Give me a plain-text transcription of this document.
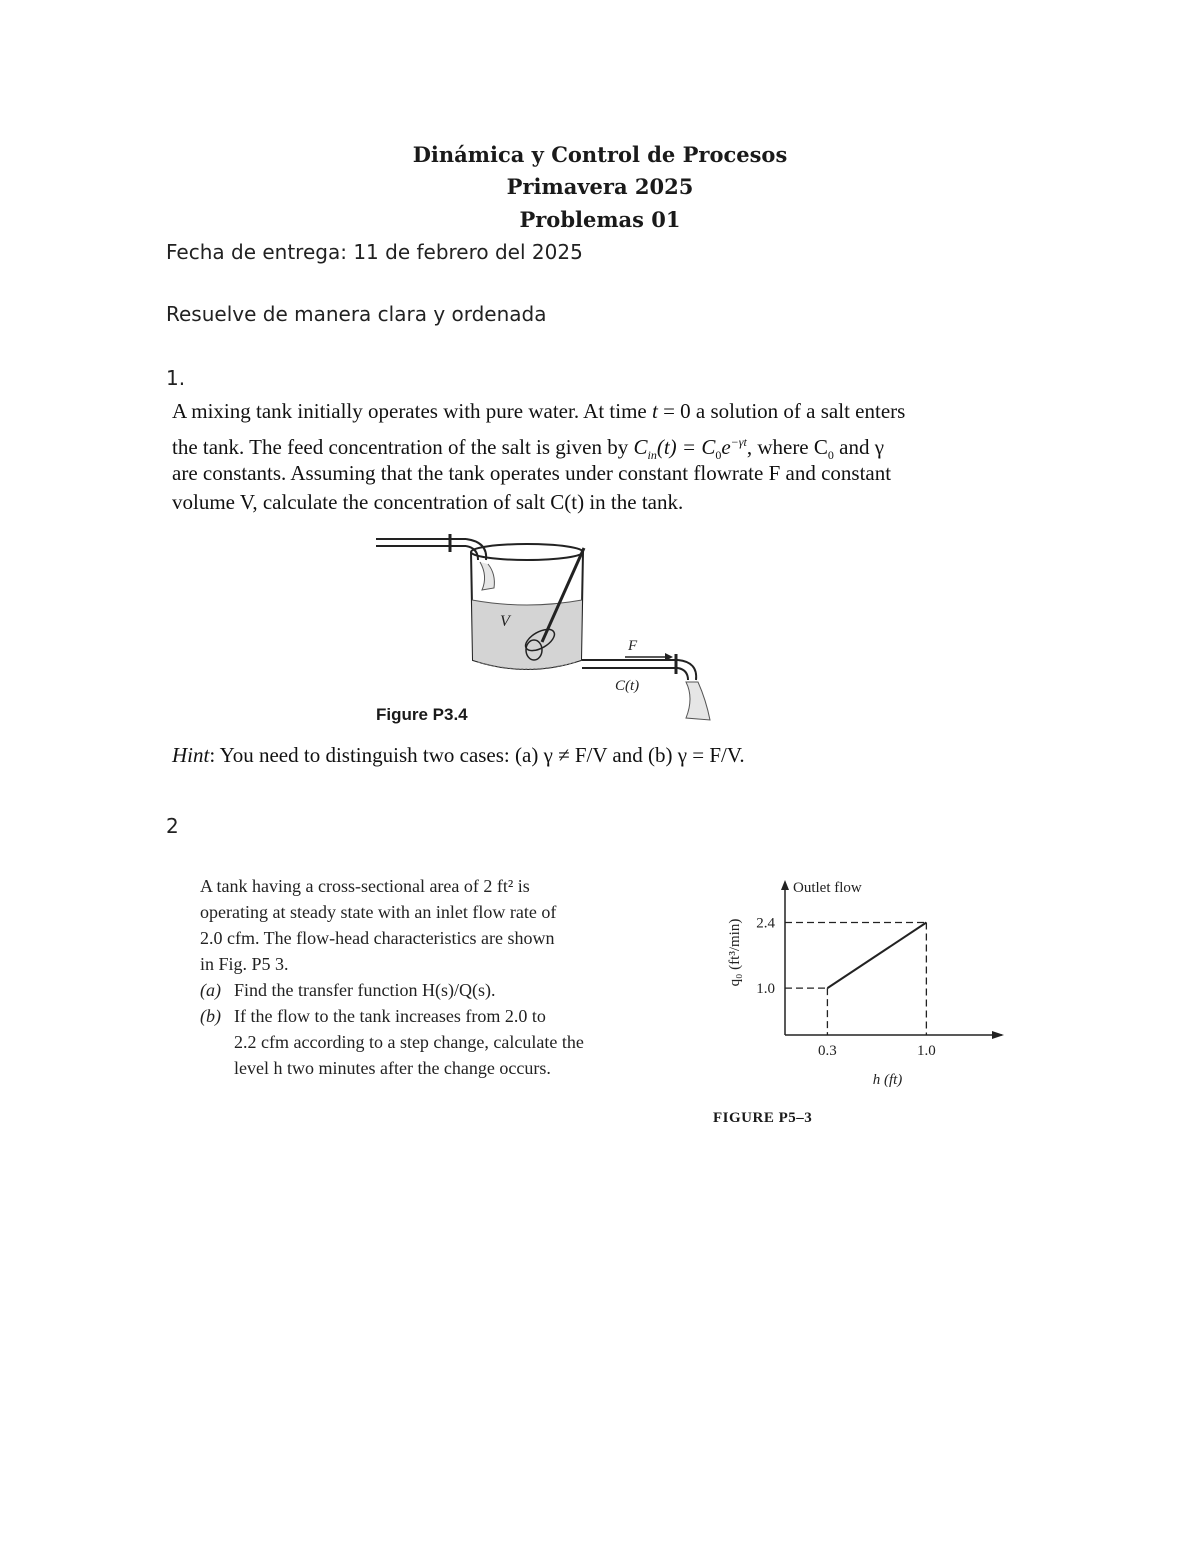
Dinámica y Control de Procesos
Primavera 2025
Problemas 01
Fecha de entrega: 11 de febrero del 2025
Resuelve de manera clara y ordenada
1.
A mixing tank initially operates with pure water. At time t = 0 a solution of a salt enters
the tank. The feed concentration of the salt is given by $C_{in}(t) = C_0e^{-\gamma t}$, where $C_0$ and γ
are constants. Assuming that the tank operates under constant flowrate F and constant
volume V, calculate the concentration of salt C(t) in the tank.
V
F
C(t)
Figure P3.4
Hint: You need to distinguish two cases: (a) γ ≠ F/V and (b) γ = F/V.
2
A tank having a cross-sectional area of 2 ft² is
operating at steady state with an inlet flow rate of
2.0 cfm. The flow-head characteristics are shown
in Fig. P5 3.
(a) Find the transfer function H(s)/Q(s).
(b) If the flow to the tank increases from 2.0 to
2.2 cfm according to a step change, calculate the
level h two minutes after the change occurs.
Outlet flow
2.4
1.0
0.3	1.0
h (ft)
q₀ (ft³/min)
FIGURE P5–3
